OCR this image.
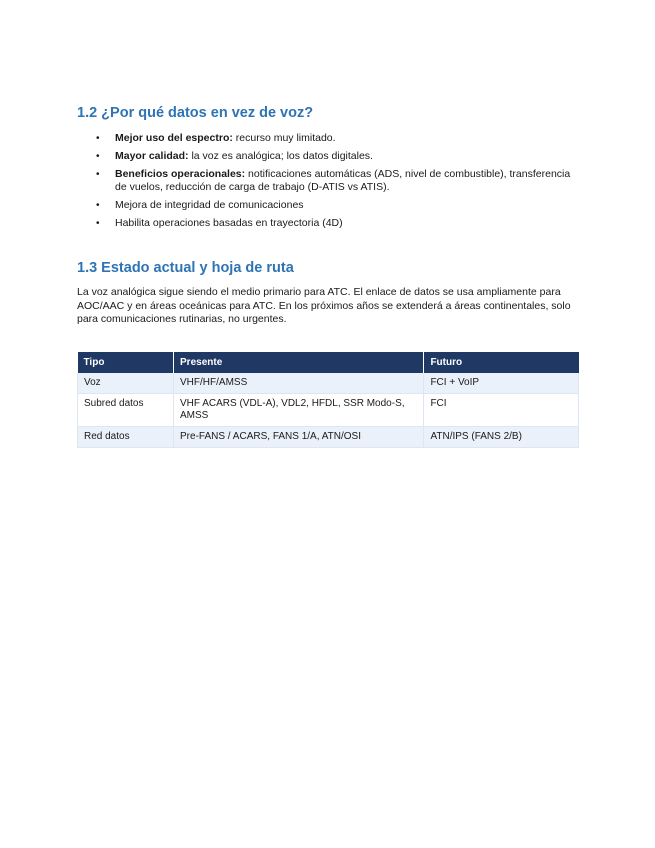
1.2 ¿Por qué datos en vez de voz?
• Mejor uso del espectro: recurso muy limitado.
• Mayor calidad: la voz es analógica; los datos digitales.
• Beneficios operacionales: notificaciones automáticas (ADS, nivel de combustible), transferencia de vuelos, reducción de carga de trabajo (D-ATIS vs ATIS).
• Mejora de integridad de comunicaciones
• Habilita operaciones basadas en trayectoria (4D)
1.3 Estado actual y hoja de ruta

La voz analógica sigue siendo el medio primario para ATC. El enlace de datos se usa ampliamente para AOC/AAC y en áreas oceánicas para ATC. En los próximos años se extenderá a áreas continentales, solo para comunicaciones rutinarias, no urgentes.

Tipo	Presente	Futuro
Voz	VHF/HF/AMSS	FCI + VoIP
Subred datos	VHF ACARS (VDL-A), VDL2, HFDL, SSR Modo-S, AMSS	FCI
Red datos	Pre-FANS / ACARS, FANS 1/A, ATN/OSI	ATN/IPS (FANS 2/B)
